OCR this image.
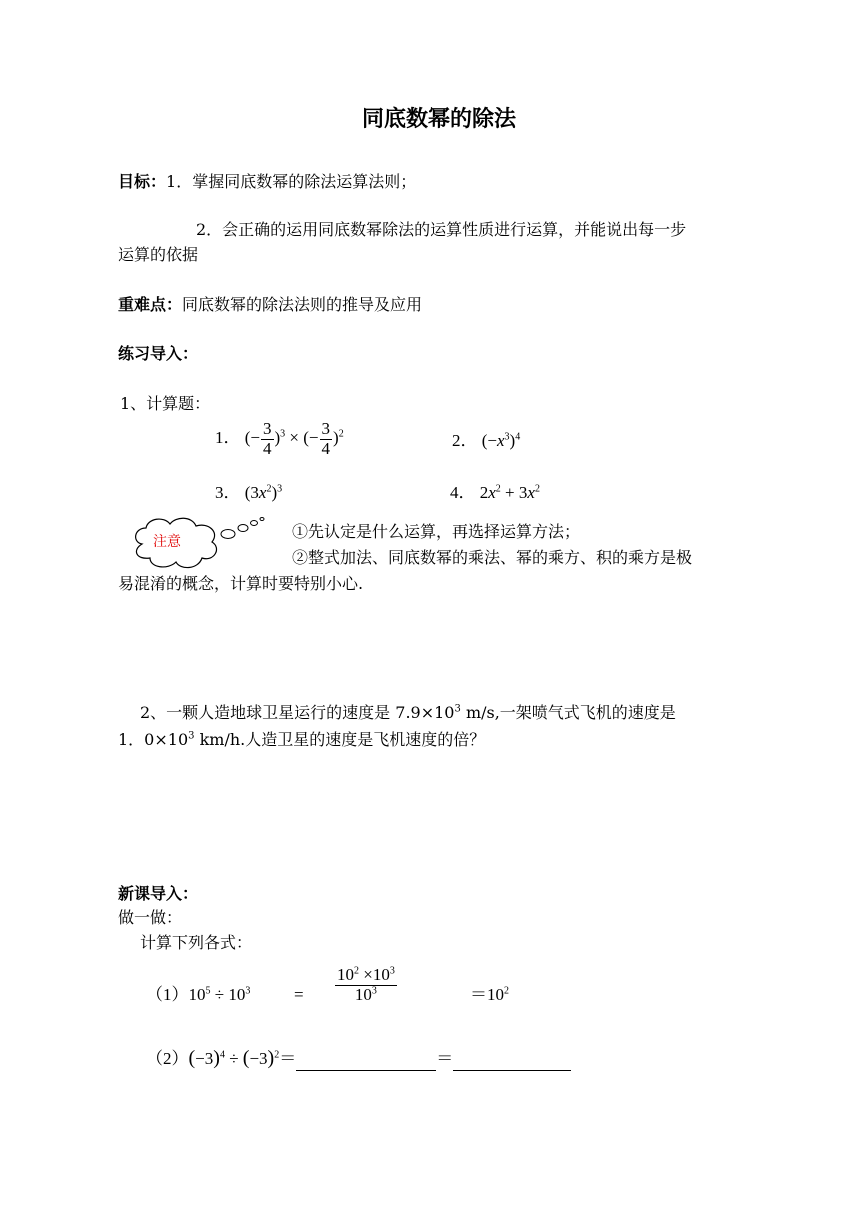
同底数幂的除法
目标：1．掌握同底数幂的除法运算法则；
2．会正确的运用同底数幂除法的运算性质进行运算，并能说出每一步
运算的依据
重难点：同底数幂的除法法则的推导及应用
练习导入：
1、计算题：
1． (− $\frac{3}{4} )^3$ × (− $\frac{3}{4} )^2$	2． $(-x^3)^4$
3． $(3x^2)^3$	4． $2x^2 + 3x^2$
注意
①先认定是什么运算，再选择运算方法；
②整式加法、同底数幂的乘法、幂的乘方、积的乘方是极
易混淆的概念，计算时要特别小心.
2、一颗人造地球卫星运行的速度是 $7.9\times 10^3$ m/s,一架喷气式飞机的速度是
1．$0\times 10^3$ km/h.人造卫星的速度是飞机速度的倍？
新课导入：
做一做：
计算下列各式：
$(1)10^5 \div 10^3$	= $\frac{10^2 \times 10^3}{10^3}$	$=10^2$
$(2)(-3)^4 \div (-3)^2=$	＝
